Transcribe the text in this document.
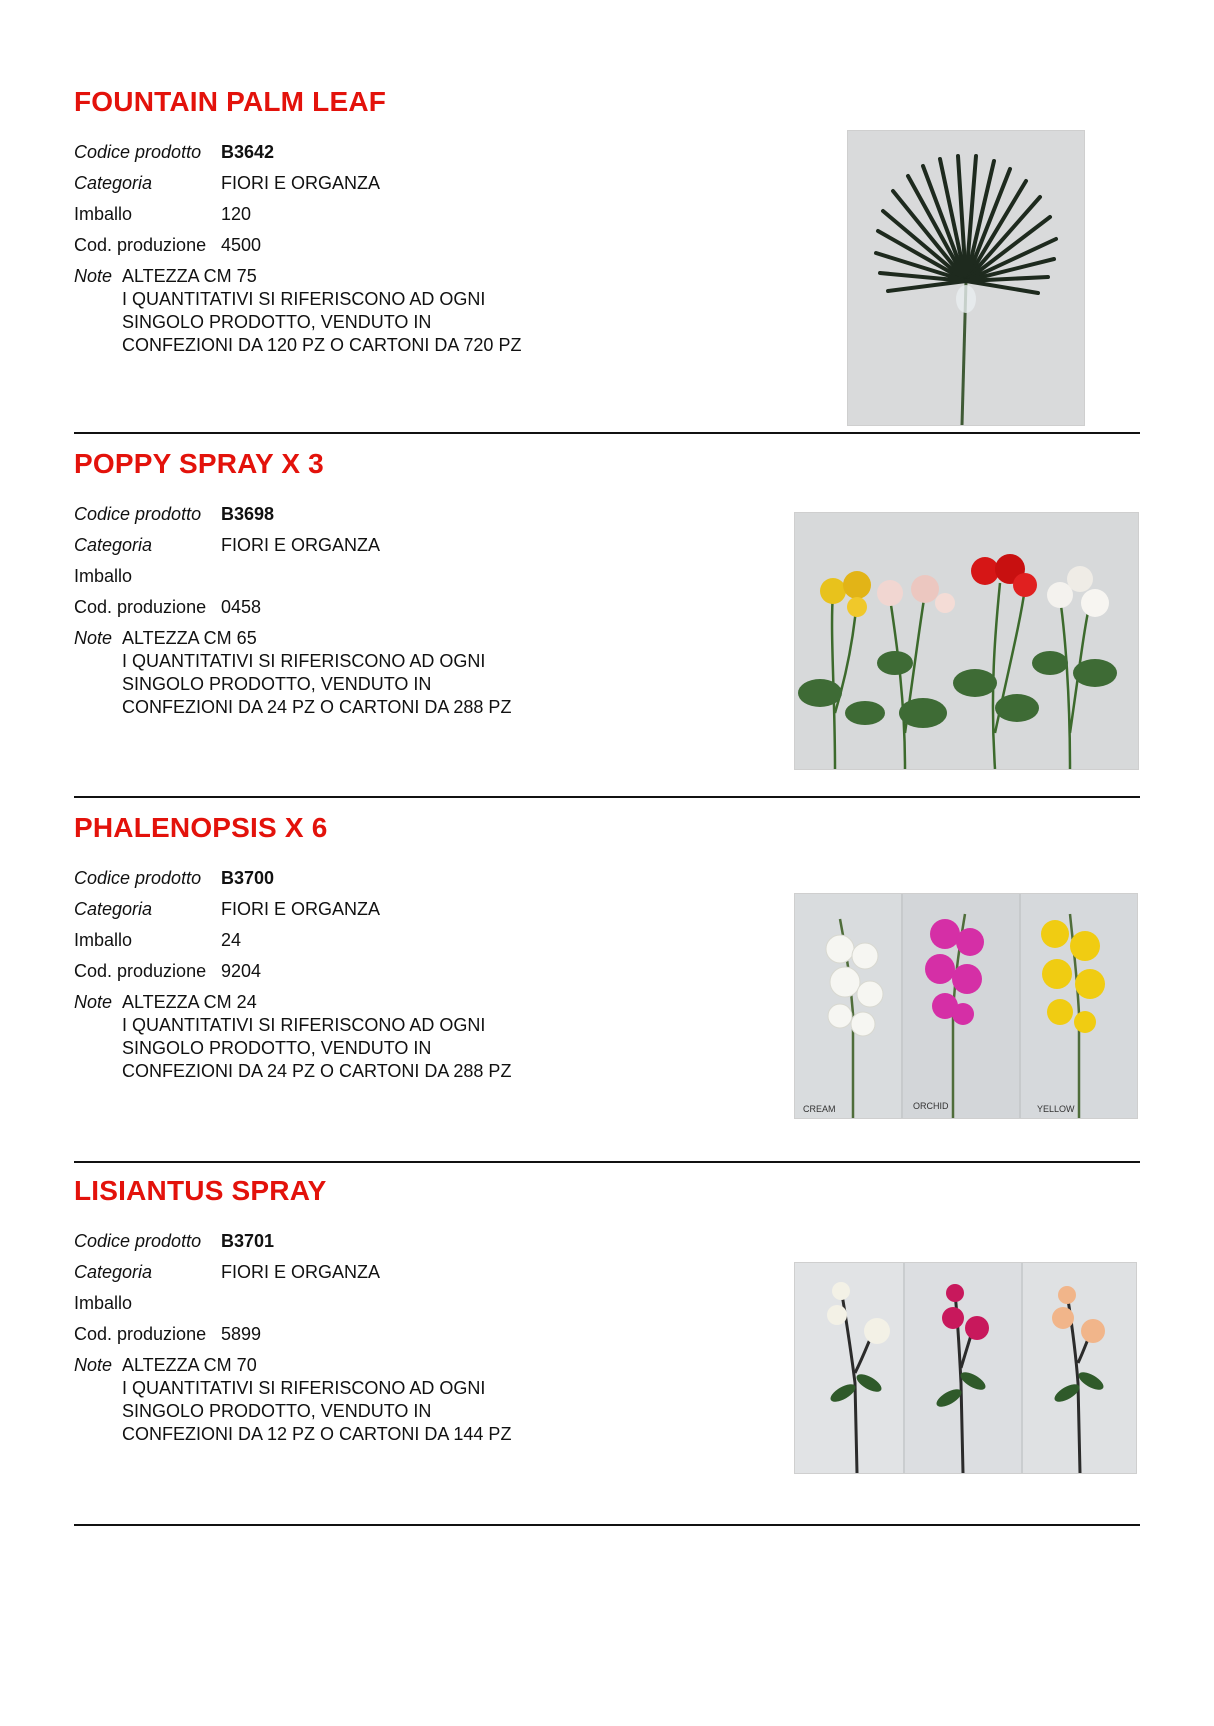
FOUNTAIN PALM LEAF
Codice prodotto B3642
Categoria	FIORI E ORGANZA
Imballo	120
Cod. produzione 4500
Note ALTEZZA CM 75
I QUANTITATIVI SI RIFERISCONO AD OGNI
SINGOLO PRODOTTO, VENDUTO IN
CONFEZIONI DA 120 PZ O CARTONI DA 720 PZ
POPPY SPRAY X 3
Codice prodotto B3698
Categoria	FIORI E ORGANZA
Imballo
Cod. produzione 0458
Note ALTEZZA CM 65
I QUANTITATIVI SI RIFERISCONO AD OGNI
SINGOLO PRODOTTO, VENDUTO IN
CONFEZIONI DA 24 PZ O CARTONI DA 288 PZ
PHALENOPSIS X 6
Codice prodotto B3700
Categoria	FIORI E ORGANZA
Imballo	24
Cod. produzione 9204
Note ALTEZZA CM 24
I QUANTITATIVI SI RIFERISCONO AD OGNI
SINGOLO PRODOTTO, VENDUTO IN
CONFEZIONI DA 24 PZ O CARTONI DA 288 PZ
CREAM	ORCHID	YELLOW
LISIANTUS SPRAY
Codice prodotto B3701
Categoria	FIORI E ORGANZA
Imballo
Cod. produzione 5899
Note ALTEZZA CM 70
I QUANTITATIVI SI RIFERISCONO AD OGNI
SINGOLO PRODOTTO, VENDUTO IN
CONFEZIONI DA 12 PZ O CARTONI DA 144 PZ
